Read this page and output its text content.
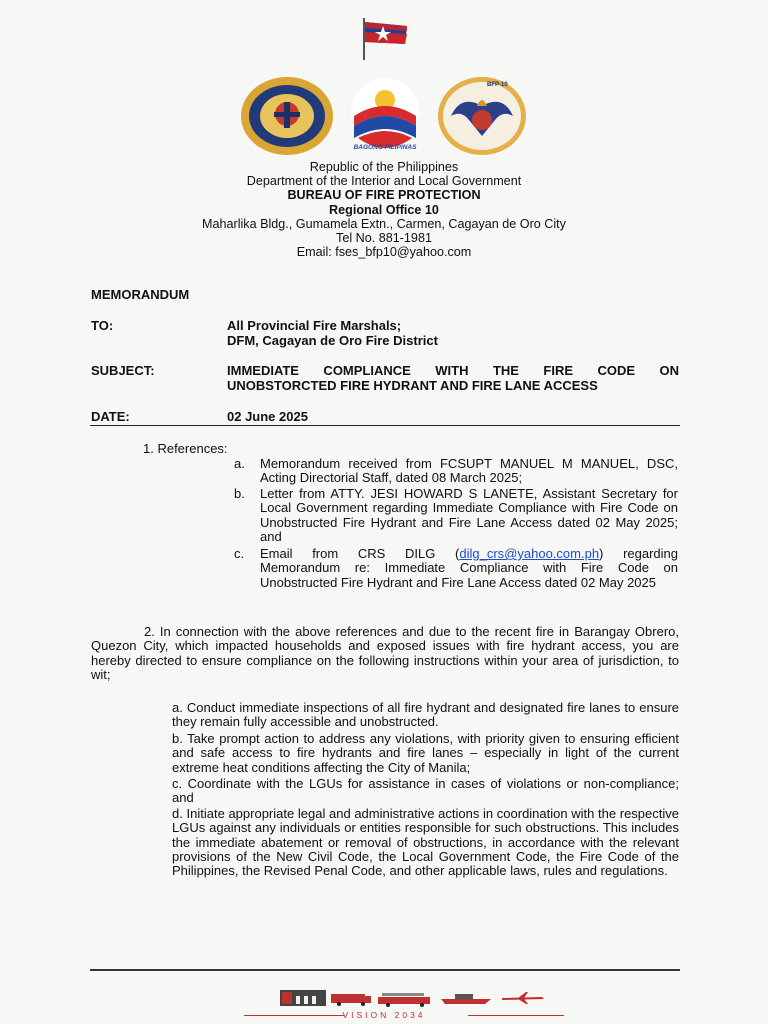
BAGONG PILIPINAS
BFP-10
Republic of the Philippines
Department of the Interior and Local Government
BUREAU OF FIRE PROTECTION
Regional Office 10
Maharlika Bldg., Gumamela Extn., Carmen, Cagayan de Oro City
Tel No. 881-1981
Email: fses_bfp10@yahoo.com
MEMORANDUM
TO:	All Provincial Fire Marshals;
DFM, Cagayan de Oro Fire District
SUBJECT:	IMMEDIATE COMPLIANCE WITH THE FIRE CODE ON
UNOBSTORCTED FIRE HYDRANT AND FIRE LANE ACCESS
DATE:	02 June 2025
1. References:
a. Memorandum received from FCSUPT MANUEL M MANUEL, DSC, Acting Directorial Staff, dated 08 March 2025;
b. Letter from ATTY. JESI HOWARD S LANETE, Assistant Secretary for Local Government regarding Immediate Compliance with Fire Code on Unobstructed Fire Hydrant and Fire Lane Access dated 02 May 2025; and
c. Email from CRS DILG (dilg_crs@yahoo.com.ph) regarding Memorandum re: Immediate Compliance with Fire Code on Unobstructed Fire Hydrant and Fire Lane Access dated 02 May 2025
2. In connection with the above references and due to the recent fire in Barangay Obrero, Quezon City, which impacted households and exposed issues with fire hydrant access, you are hereby directed to ensure compliance on the following instructions within your area of jurisdiction, to wit;
a. Conduct immediate inspections of all fire hydrant and designated fire lanes to ensure they remain fully accessible and unobstructed.
b. Take prompt action to address any violations, with priority given to ensuring efficient and safe access to fire hydrants and fire lanes – especially in light of the current extreme heat conditions affecting the City of Manila;
c. Coordinate with the LGUs for assistance in cases of violations or non-compliance; and
d. Initiate appropriate legal and administrative actions in coordination with the respective LGUs against any individuals or entities responsible for such obstructions. This includes the immediate abatement or removal of obstructions, in accordance with the relevant provisions of the New Civil Code, the Local Government Code, the Fire Code of the Philippines, the Revised Penal Code, and other applicable laws, rules and regulations.
VISION 2034
